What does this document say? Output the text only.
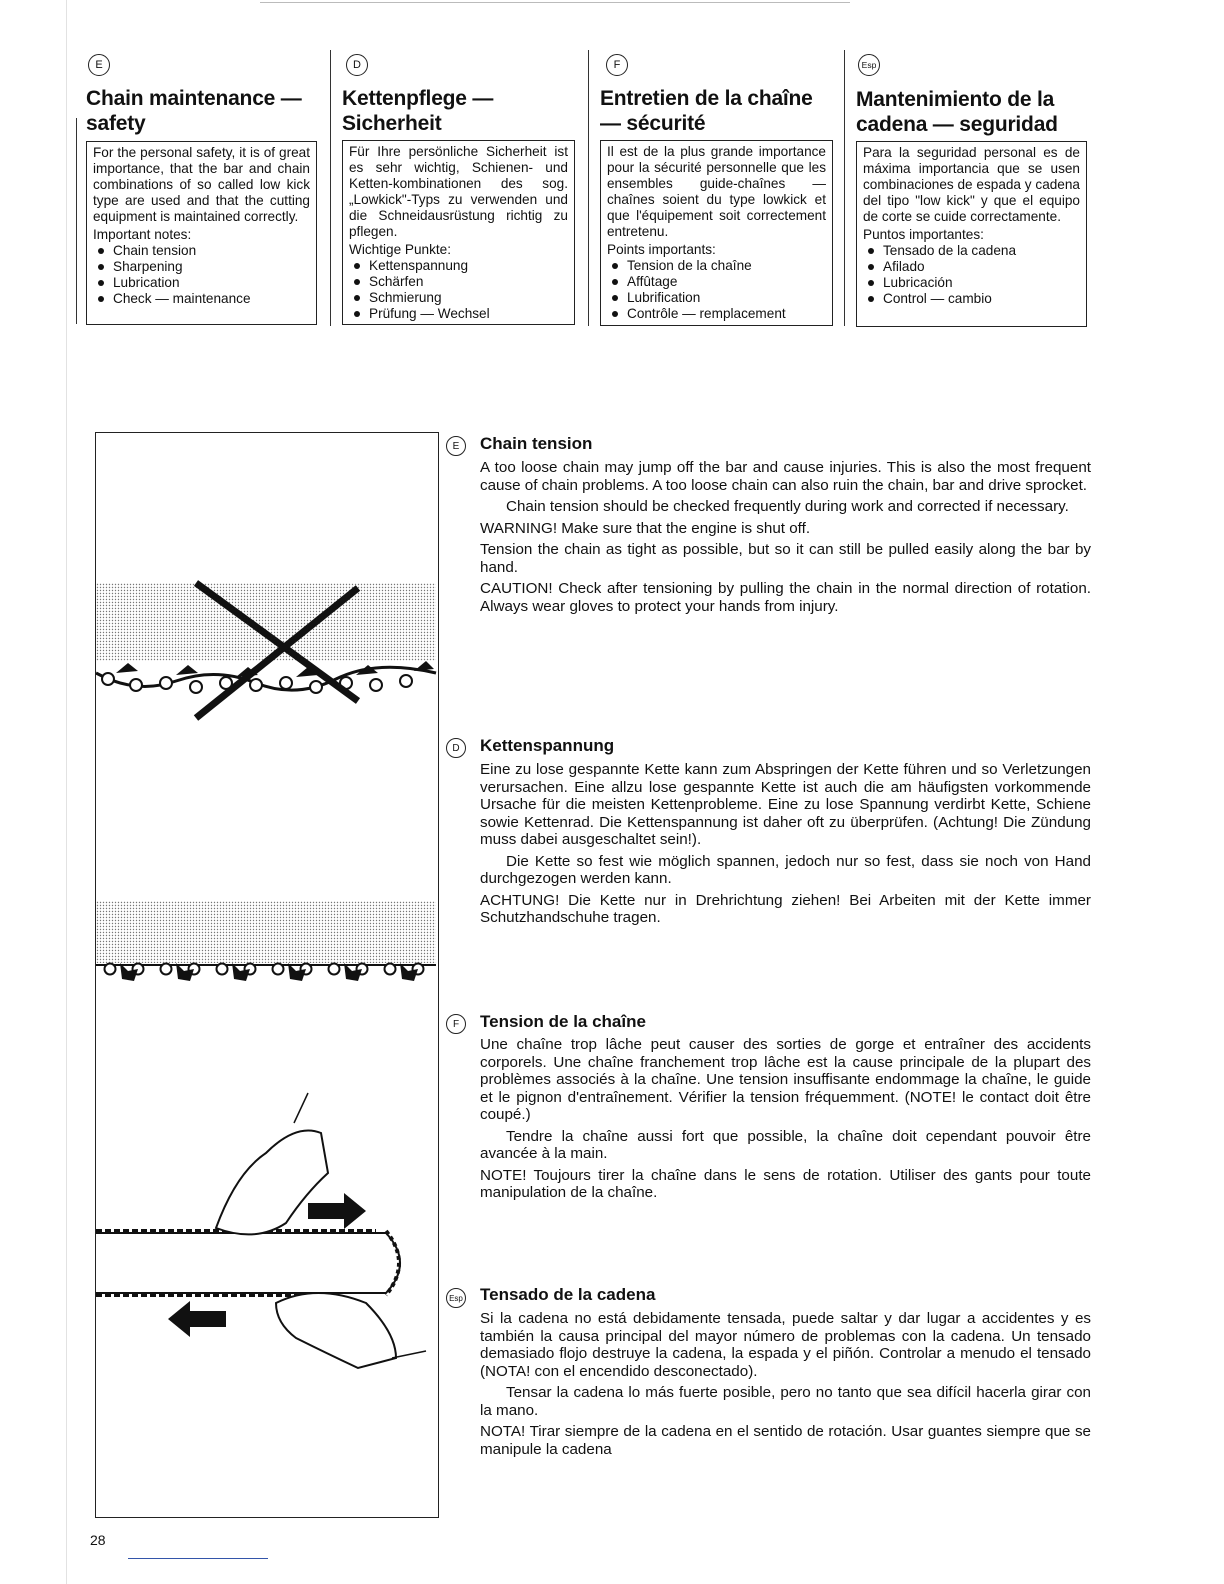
E
Chain maintenance — safety
For the personal safety, it is of great importance, that the bar and chain combinations of so called low kick type are used and that the cutting equipment is maintained correctly.
Important notes:
Chain tension
Sharpening
Lubrication
Check — maintenance
D
Kettenpflege — Sicherheit
Für Ihre persönliche Sicherheit ist es sehr wichtig, Schienen- und Ketten-kombinationen des sog. „Lowkick"-Typs zu verwenden und die Schneidausrüstung richtig zu pflegen.
Wichtige Punkte:
Kettenspannung
Schärfen
Schmierung
Prüfung — Wechsel
F
Entretien de la chaîne — sécurité
Il est de la plus grande importance pour la sécurité personnelle que les ensembles guide-chaînes — chaînes soient du type lowkick et que l'équipement soit correctement entretenu.
Points importants:
Tension de la chaîne
Affûtage
Lubrification
Contrôle — remplacement
Esp
Mantenimiento de la cadena — seguridad
Para la seguridad personal es de máxima importancia que se usen combinaciones de espada y cadena del tipo "low kick" y que el equipo de corte se cuide correctamente.
Puntos importantes:
Tensado de la cadena
Afilado
Lubricación
Control — cambio
E	Chain tension

A too loose chain may jump off the bar and cause injuries. This is also the most frequent cause of chain problems. A too loose chain can also ruin the chain, bar and drive sprocket.

Chain tension should be checked frequently during work and corrected if necessary.

WARNING! Make sure that the engine is shut off.

Tension the chain as tight as possible, but so it can still be pulled easily along the bar by hand.

CAUTION! Check after tensioning by pulling the chain in the normal direction of rotation. Always wear gloves to protect your hands from injury.

D	Kettenspannung

Eine zu lose gespannte Kette kann zum Abspringen der Kette führen und so Verletzungen verursachen. Eine allzu lose gespannte Kette ist auch die am häufigsten vorkommende Ursache für die meisten Kettenprobleme. Eine zu lose Spannung verdirbt Kette, Schiene sowie Kettenrad. Die Kettenspannung ist daher oft zu überprüfen. (Achtung! Die Zündung muss dabei ausgeschaltet sein!).

Die Kette so fest wie möglich spannen, jedoch nur so fest, dass sie noch von Hand durchgezogen werden kann.

ACHTUNG! Die Kette nur in Drehrichtung ziehen! Bei Arbeiten mit der Kette immer Schutzhandschuhe tragen.

F	Tension de la chaîne

Une chaîne trop lâche peut causer des sorties de gorge et entraîner des accidents corporels. Une chaîne franchement trop lâche est la cause principale de la plupart des problèmes associés à la chaîne. Une tension insuffisante endommage la chaîne, le guide et le pignon d'entraînement. Vérifier la tension fréquemment. (NOTE! le contact doit être coupé.)

Tendre la chaîne aussi fort que possible, la chaîne doit cependant pouvoir être avancée à la main.

NOTE! Toujours tirer la chaîne dans le sens de rotation. Utiliser des gants pour toute manipulation de la chaîne.

Esp Tensado de la cadena

Si la cadena no está debidamente tensada, puede saltar y dar lugar a accidentes y es también la causa principal del mayor número de problemas con la cadena. Un tensado demasiado flojo destruye la cadena, la espada y el piñón. Controlar a menudo el tensado (NOTA! con el encendido desconectado).

Tensar la cadena lo más fuerte posible, pero no tanto que sea difícil hacerla girar con la mano.

NOTA! Tirar siempre de la cadena en el sentido de rotación. Usar guantes siempre que se manipule la cadena

28
